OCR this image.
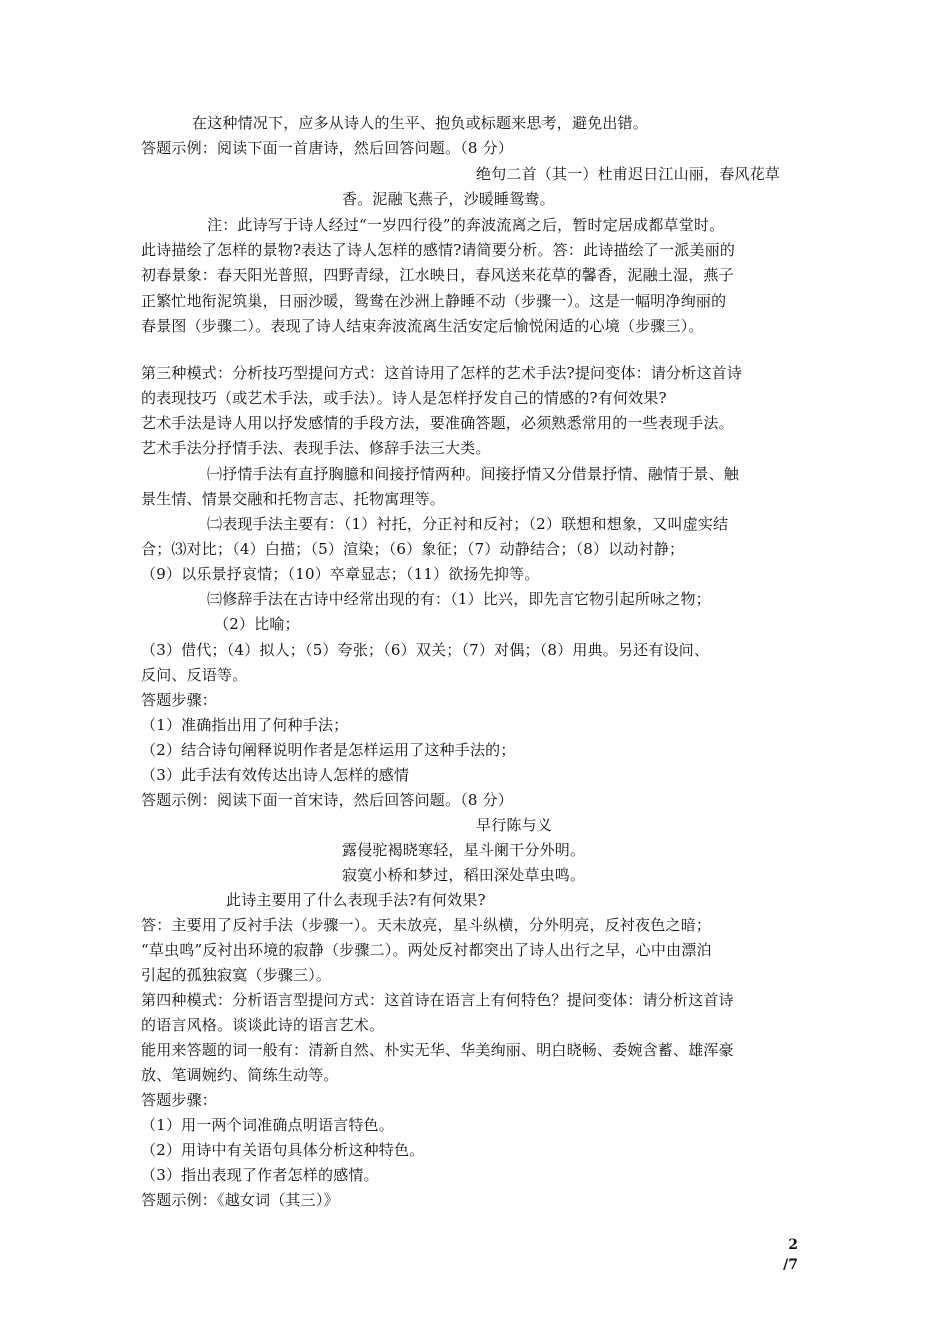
在这种情况下，应多从诗人的生平、抱负或标题来思考，避免出错。
答题示例：阅读下面一首唐诗，然后回答问题。（8 分）
绝句二首（其一）杜甫迟日江山丽，春风花草
香。泥融飞燕子，沙暖睡鸳鸯。
注：此诗写于诗人经过“一岁四行役”的奔波流离之后，暂时定居成都草堂时。
此诗描绘了怎样的景物?表达了诗人怎样的感情?请简要分析。答：此诗描绘了一派美丽的
初春景象：春天阳光普照，四野青绿，江水映日，春风送来花草的馨香，泥融土湿，燕子
正繁忙地衔泥筑巢，日丽沙暖，鸳鸯在沙洲上静睡不动（步骤一）。这是一幅明净绚丽的
春景图（步骤二）。表现了诗人结束奔波流离生活安定后愉悦闲适的心境（步骤三）。
第三种模式：分析技巧型提问方式：这首诗用了怎样的艺术手法?提问变体：请分析这首诗
的表现技巧（或艺术手法，或手法）。诗人是怎样抒发自己的情感的?有何效果?
艺术手法是诗人用以抒发感情的手段方法，要准确答题，必须熟悉常用的一些表现手法。
艺术手法分抒情手法、表现手法、修辞手法三大类。
㈠抒情手法有直抒胸臆和间接抒情两种。间接抒情又分借景抒情、融情于景、触
景生情、情景交融和托物言志、托物寓理等。
㈡表现手法主要有：（1）衬托，分正衬和反衬；（2）联想和想象，又叫虚实结
合；⑶对比；（4）白描；（5）渲染；（6）象征；（7）动静结合；（8）以动衬静；
（9）以乐景抒哀情；（10）卒章显志；（11）欲扬先抑等。
㈢修辞手法在古诗中经常出现的有：（1）比兴，即先言它物引起所咏之物；
（2）比喻；
（3）借代；（4）拟人；（5）夸张；（6）双关；（7）对偶；（8）用典。另还有设问、
反问、反语等。
答题步骤：
（1）准确指出用了何种手法；
（2）结合诗句阐释说明作者是怎样运用了这种手法的；
（3）此手法有效传达出诗人怎样的感情
答题示例：阅读下面一首宋诗，然后回答问题。（8 分）
早行陈与义
露侵驼褐晓寒轻，星斗阑干分外明。
寂寞小桥和梦过，稻田深处草虫鸣。
此诗主要用了什么表现手法?有何效果?
答：主要用了反衬手法（步骤一）。天未放亮，星斗纵横，分外明亮，反衬夜色之暗；
“草虫鸣”反衬出环境的寂静（步骤二）。两处反衬都突出了诗人出行之早，心中由漂泊
引起的孤独寂寞（步骤三）。
第四种模式：分析语言型提问方式：这首诗在语言上有何特色？提问变体：请分析这首诗
的语言风格。谈谈此诗的语言艺术。
能用来答题的词一般有：清新自然、朴实无华、华美绚丽、明白晓畅、委婉含蓄、雄浑豪
放、笔调婉约、简练生动等。
答题步骤：
（1）用一两个词准确点明语言特色。
（2）用诗中有关语句具体分析这种特色。
（3）指出表现了作者怎样的感情。
答题示例：《越女词（其三）》
2
/7
